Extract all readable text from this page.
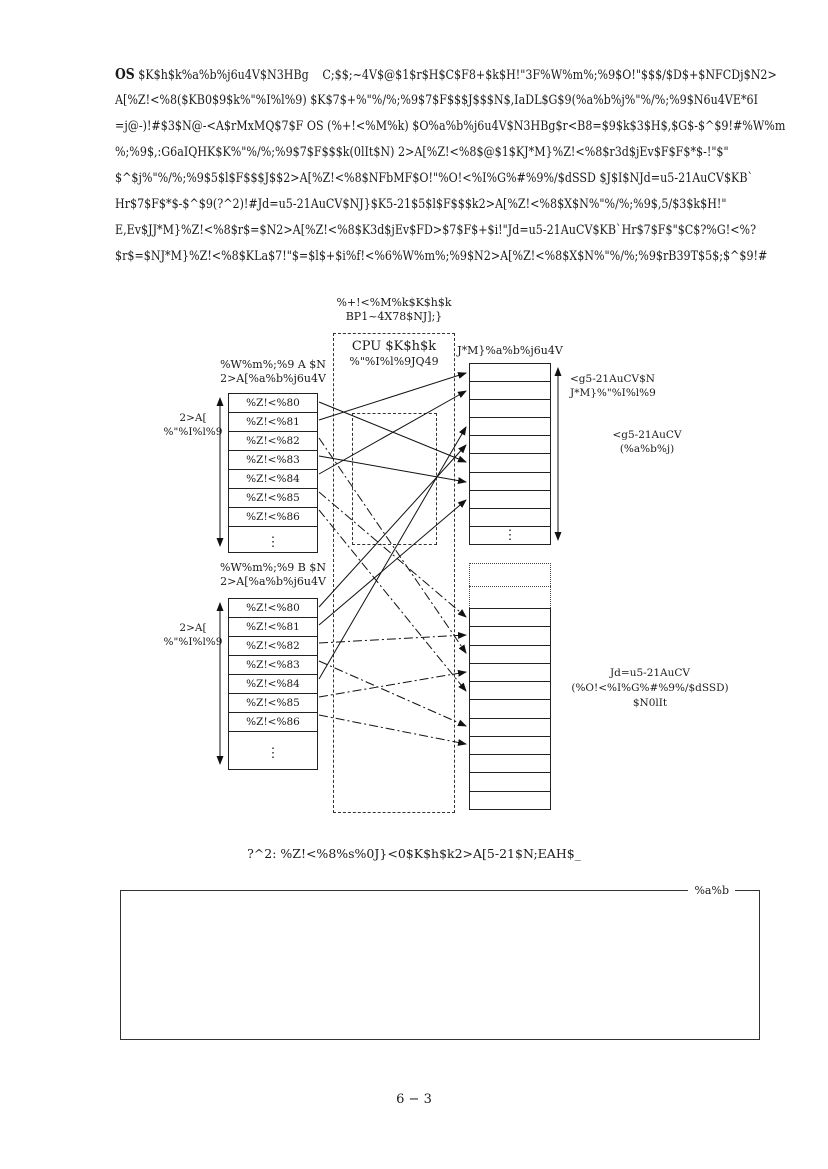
OS $K$h$k%a%b%j6u4V$N3HBg C;$$;~4V$@$1$r$H$C$F8+$k$H!"3F%W%m%;%9$O!"$$$/$D$+$NFCDj$N2>
A[%Z!<%8($KB0$9$k%"%I%l%9) $K$7$+%"%/%;%9$7$F$$$J$$$N$,IaDL$G$9(%a%b%j%"%/%;%9$N6u4VE*6I
=j@-)!#$3$N@-<A$rMxMQ$7$F OS (%+!<%M%k) $O%a%b%j6u4V$N3HBg$r<B8=$9$k$3$H$,$G$-$^$9!#%W%m
%;%9$,:G6aIQHK$K%"%/%;%9$7$F$$$k(0lIt$N) 2>A[%Z!<%8$@$1$KJ*M}%Z!<%8$r3d$jEv$F$F$*$-!"$"
$^$j%"%/%;%9$5$l$F$$$J$$2>A[%Z!<%8$NFbMF$O!"%O!<%I%G%#%9%/$dSSD $J$I$NJd=u5-21AuCV$KB`
Hr$7$F$*$-$^$9(?^2)!#Jd=u5-21AuCV$NJ}$K5-21$5$l$F$$$k2>A[%Z!<%8$X$N%"%/%;%9$,5/$3$k$H!"
E,Ev$JJ*M}%Z!<%8$r$=$N2>A[%Z!<%8$K3d$jEv$FD>$7$F$+$i!"Jd=u5-21AuCV$KB`Hr$7$F$"$C$?%G!<%?
$r$=$NJ*M}%Z!<%8$KLa$7!"$=$l$+$i%f!<%6%W%m%;%9$N2>A[%Z!<%8$X$N%"%/%;%9$rB39T$5$;$^$9!#
%+!<%M%k$K$h$k
BP1~4X78$NJ];}
CPU $K$h$k
%"%I%l%9JQ49
%W%m%;%9 A $N
2>A[%a%b%j6u4V
2>A[
%"%I%l%9
%Z!<%80
%Z!<%81
%Z!<%82
%Z!<%83
%Z!<%84
%Z!<%85
%Z!<%86
⋮
%W%m%;%9 B $N
2>A[%a%b%j6u4V
2>A[
%"%I%l%9
%Z!<%80
%Z!<%81
%Z!<%82
%Z!<%83
%Z!<%84
%Z!<%85
%Z!<%86
⋮
J*M}%a%b%j6u4V
⋮
<g5-21AuCV$N
J*M}%"%I%l%9
<g5-21AuCV
(%a%b%j)
Jd=u5-21AuCV
(%O!<%I%G%#%9%/$dSSD)
$N0lIt
?^2: %Z!<%8%s%0J}<0$K$h$k2>A[5-21$N;EAH$_
%a%b
6 − 3
